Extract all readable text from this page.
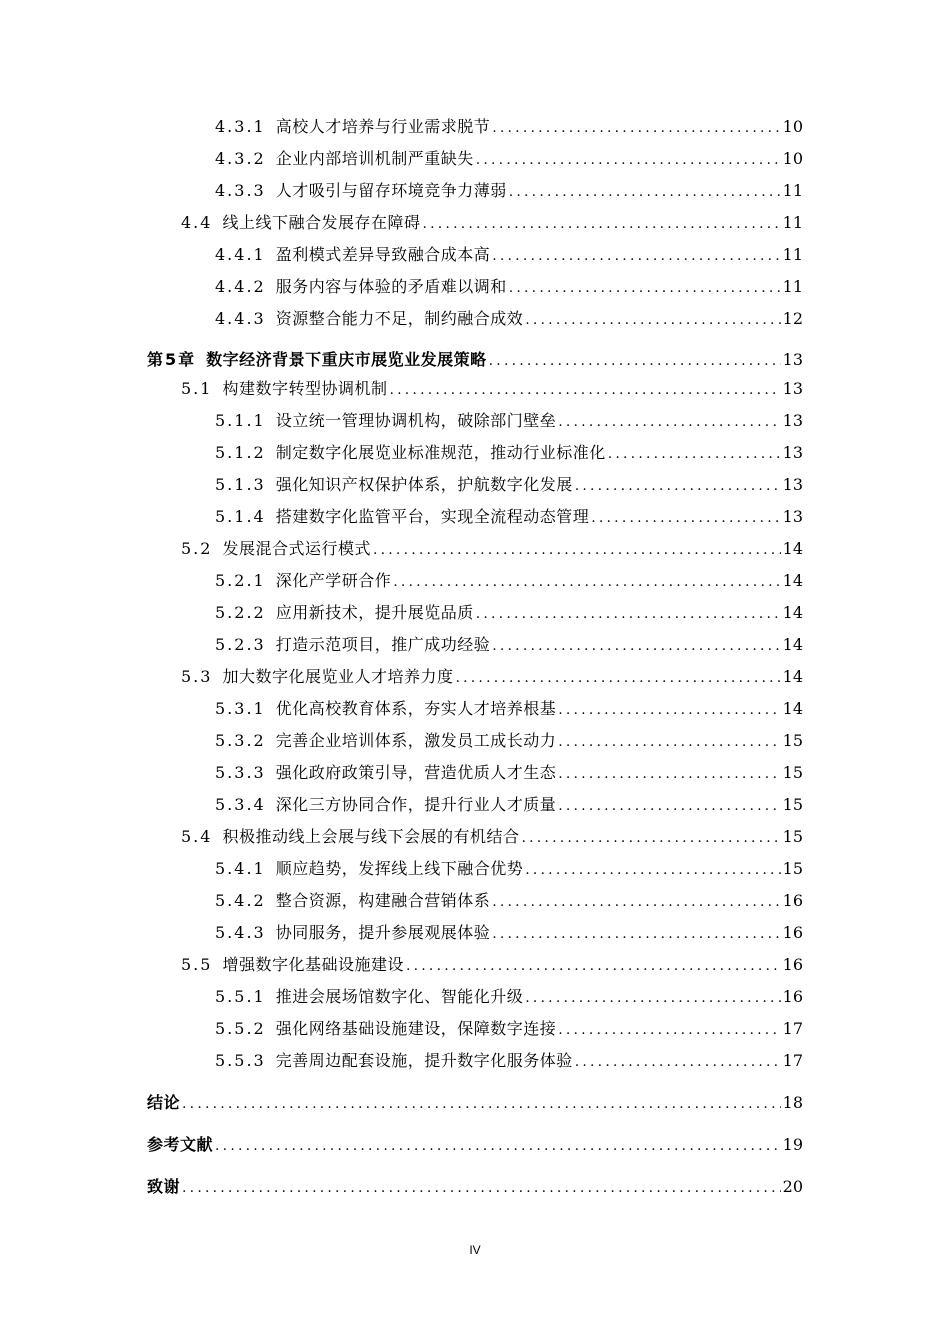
4.3.1 高校人才培养与行业需求脱节 .....	10
4.3.2 企业内部培训机制严重缺失 .....	10
4.3.3 人才吸引与留存环境竞争力薄弱 .....	11
4.4 线上线下融合发展存在障碍 .....	11
4.4.1 盈利模式差异导致融合成本高 .....	11
4.4.2 服务内容与体验的矛盾难以调和 .....	11
4.4.3 资源整合能力不足，制约融合成效 .....	12
第5章 数字经济背景下重庆市展览业发展策略 .....	13
5.1 构建数字转型协调机制 .....	13
5.1.1 设立统一管理协调机构，破除部门壁垒 .....	13
5.1.2 制定数字化展览业标准规范，推动行业标准化 .....	13
5.1.3 强化知识产权保护体系，护航数字化发展 .....	13
5.1.4 搭建数字化监管平台，实现全流程动态管理 .....	13
5.2 发展混合式运行模式 .....	14
5.2.1 深化产学研合作 .....	14
5.2.2 应用新技术，提升展览品质 .....	14
5.2.3 打造示范项目，推广成功经验 .....	14
5.3 加大数字化展览业人才培养力度 .....	14
5.3.1 优化高校教育体系，夯实人才培养根基 .....	14
5.3.2 完善企业培训体系，激发员工成长动力 .....	15
5.3.3 强化政府政策引导，营造优质人才生态 .....	15
5.3.4 深化三方协同合作，提升行业人才质量 .....	15
5.4 积极推动线上会展与线下会展的有机结合 .....	15
5.4.1 顺应趋势，发挥线上线下融合优势 .....	15
5.4.2 整合资源，构建融合营销体系 .....	16
5.4.3 协同服务，提升参展观展体验 .....	16
5.5 增强数字化基础设施建设 .....	16
5.5.1 推进会展场馆数字化、智能化升级 .....	16
5.5.2 强化网络基础设施建设，保障数字连接 .....	17
5.5.3 完善周边配套设施，提升数字化服务体验 .....	17
结论 .....	18
参考文献 .....	19
致谢 .....	20
IV
